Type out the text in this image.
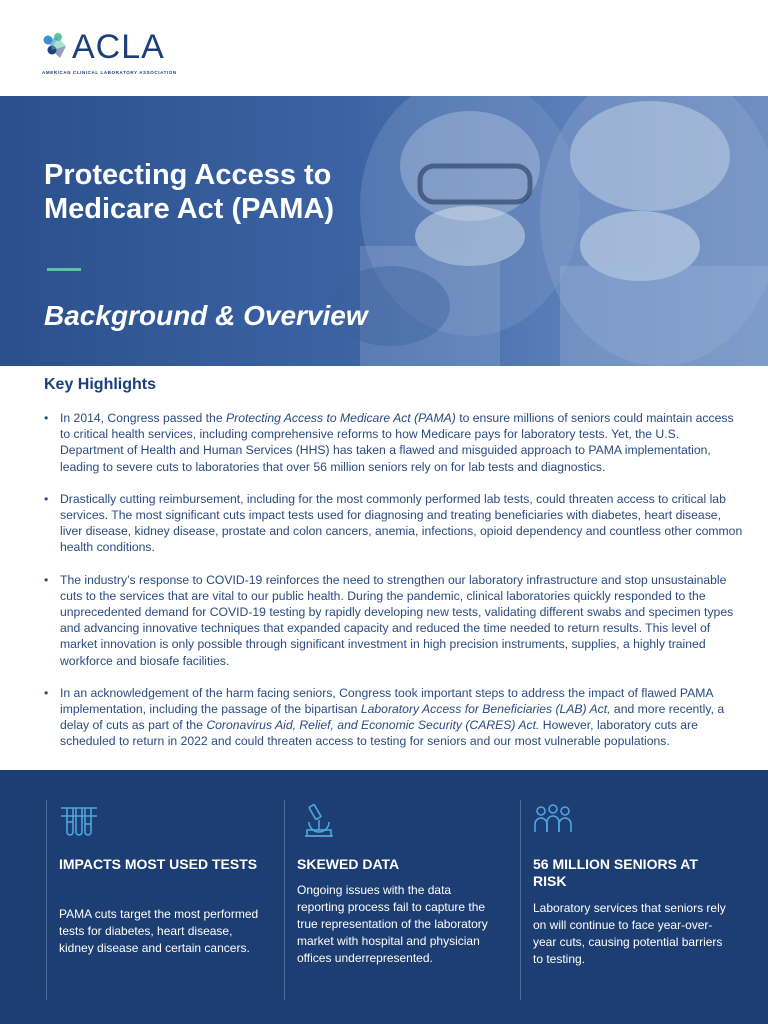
ACLA
AMERICAN CLINICAL LABORATORY ASSOCIATION
Protecting Access to Medicare Act (PAMA)
Background & Overview
Key Highlights
• In 2014, Congress passed the Protecting Access to Medicare Act (PAMA) to ensure millions of seniors could maintain access to critical health services, including comprehensive reforms to how Medicare pays for laboratory tests. Yet, the U.S. Department of Health and Human Services (HHS) has taken a flawed and misguided approach to PAMA implementation, leading to severe cuts to laboratories that over 56 million seniors rely on for lab tests and diagnostics.
• Drastically cutting reimbursement, including for the most commonly performed lab tests, could threaten access to critical lab services. The most significant cuts impact tests used for diagnosing and treating beneficiaries with diabetes, heart disease, liver disease, kidney disease, prostate and colon cancers, anemia, infections, opioid dependency and countless other common health conditions.
• The industry’s response to COVID-19 reinforces the need to strengthen our laboratory infrastructure and stop unsustainable cuts to the services that are vital to our public health. During the pandemic, clinical laboratories quickly responded to the unprecedented demand for COVID-19 testing by rapidly developing new tests, validating different swabs and specimen types and advancing innovative techniques that expanded capacity and reduced the time needed to return results. This level of market innovation is only possible through significant investment in high precision instruments, supplies, a highly trained workforce and biosafe facilities.
• In an acknowledgement of the harm facing seniors, Congress took important steps to address the impact of flawed PAMA implementation, including the passage of the bipartisan Laboratory Access for Beneficiaries (LAB) Act, and more recently, a delay of cuts as part of the Coronavirus Aid, Relief, and Economic Security (CARES) Act. However, laboratory cuts are scheduled to return in 2022 and could threaten access to testing for seniors and our most vulnerable populations.
IMPACTS MOST USED TESTS

PAMA cuts target the most performed tests for diabetes, heart disease, kidney disease and certain cancers.

SKEWED DATA

Ongoing issues with the data reporting process fail to capture the true representation of the laboratory market with hospital and physician offices underrepresented.

56 MILLION SENIORS AT RISK

Laboratory services that seniors rely on will continue to face year-over-year cuts, causing potential barriers to testing.
